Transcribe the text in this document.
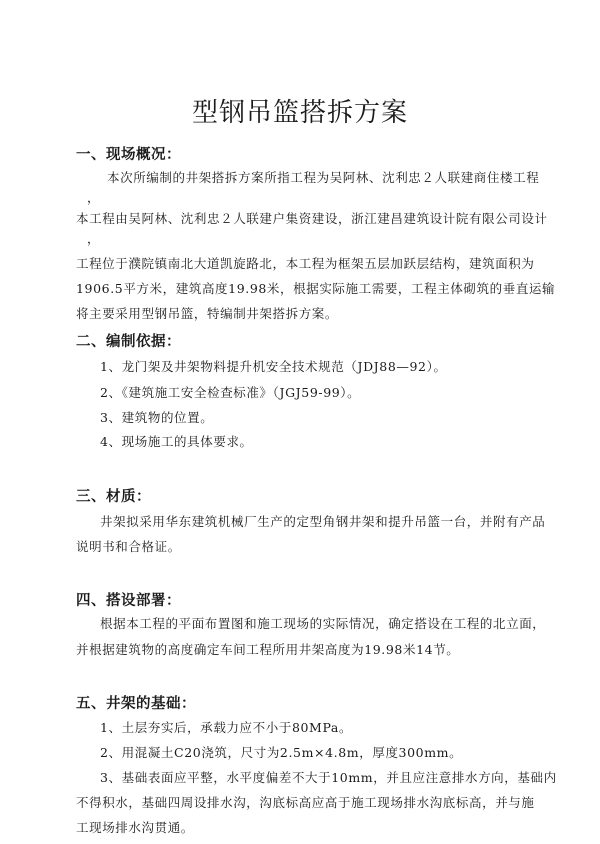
型钢吊篮搭拆方案
一、现场概况：
本次所编制的井架搭拆方案所指工程为吴阿林、沈利忠２人联建商住楼工程
，
本工程由吴阿林、沈利忠２人联建户集资建设，浙江建昌建筑设计院有限公司设计
，
工程位于濮院镇南北大道凯旋路北，本工程为框架五层加跃层结构，建筑面积为
1906.5平方米，建筑高度19.98米，根据实际施工需要，工程主体砌筑的垂直运输
将主要采用型钢吊篮，特编制井架搭拆方案。
二、编制依据：
1、龙门架及井架物料提升机安全技术规范（JDJ88—92）。
2、《建筑施工安全检查标准》（JGJ59-99）。
3、建筑物的位置。
4、现场施工的具体要求。
三、材质：
井架拟采用华东建筑机械厂生产的定型角钢井架和提升吊篮一台，并附有产品
说明书和合格证。
四、搭设部署：
根据本工程的平面布置图和施工现场的实际情况，确定搭设在工程的北立面，
并根据建筑物的高度确定车间工程所用井架高度为19.98米14节。
五、井架的基础：
1、土层夯实后，承载力应不小于80MPa。
2、用混凝土C20浇筑，尺寸为2.5m×4.8m，厚度300mm。
3、基础表面应平整，水平度偏差不大于10mm，并且应注意排水方向，基础内
不得积水，基础四周设排水沟，沟底标高应高于施工现场排水沟底标高，并与施
工现场排水沟贯通。
